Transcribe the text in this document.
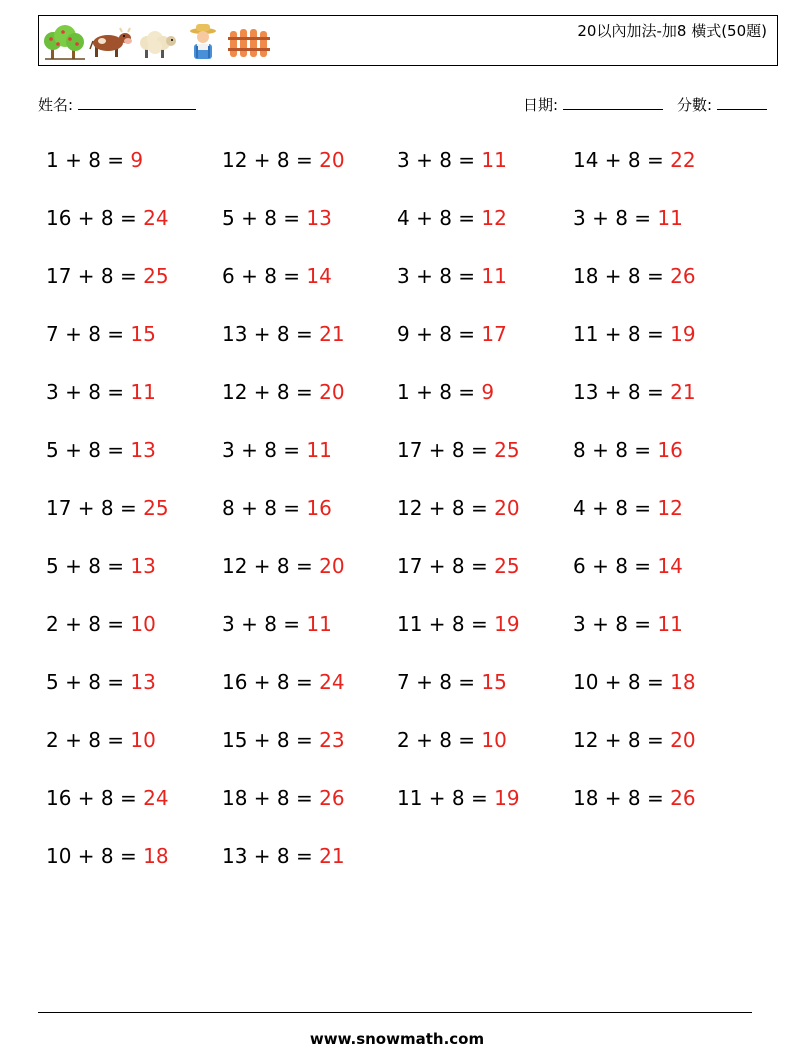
20以內加法-加8 橫式(50題)
姓名:	日期:	分數:
1 + 8 = 9	12 + 8 = 20	3 + 8 = 11	14 + 8 = 22
16 + 8 = 24	5 + 8 = 13	4 + 8 = 12	3 + 8 = 11
17 + 8 = 25	6 + 8 = 14	3 + 8 = 11	18 + 8 = 26
7 + 8 = 15	13 + 8 = 21	9 + 8 = 17	11 + 8 = 19
3 + 8 = 11	12 + 8 = 20	1 + 8 = 9	13 + 8 = 21
5 + 8 = 13	3 + 8 = 11	17 + 8 = 25	8 + 8 = 16
17 + 8 = 25	8 + 8 = 16	12 + 8 = 20	4 + 8 = 12
5 + 8 = 13	12 + 8 = 20	17 + 8 = 25	6 + 8 = 14
2 + 8 = 10	3 + 8 = 11	11 + 8 = 19	3 + 8 = 11
5 + 8 = 13	16 + 8 = 24	7 + 8 = 15	10 + 8 = 18
2 + 8 = 10	15 + 8 = 23	2 + 8 = 10	12 + 8 = 20
16 + 8 = 24	18 + 8 = 26	11 + 8 = 19	18 + 8 = 26
10 + 8 = 18	13 + 8 = 21
www.snowmath.com
